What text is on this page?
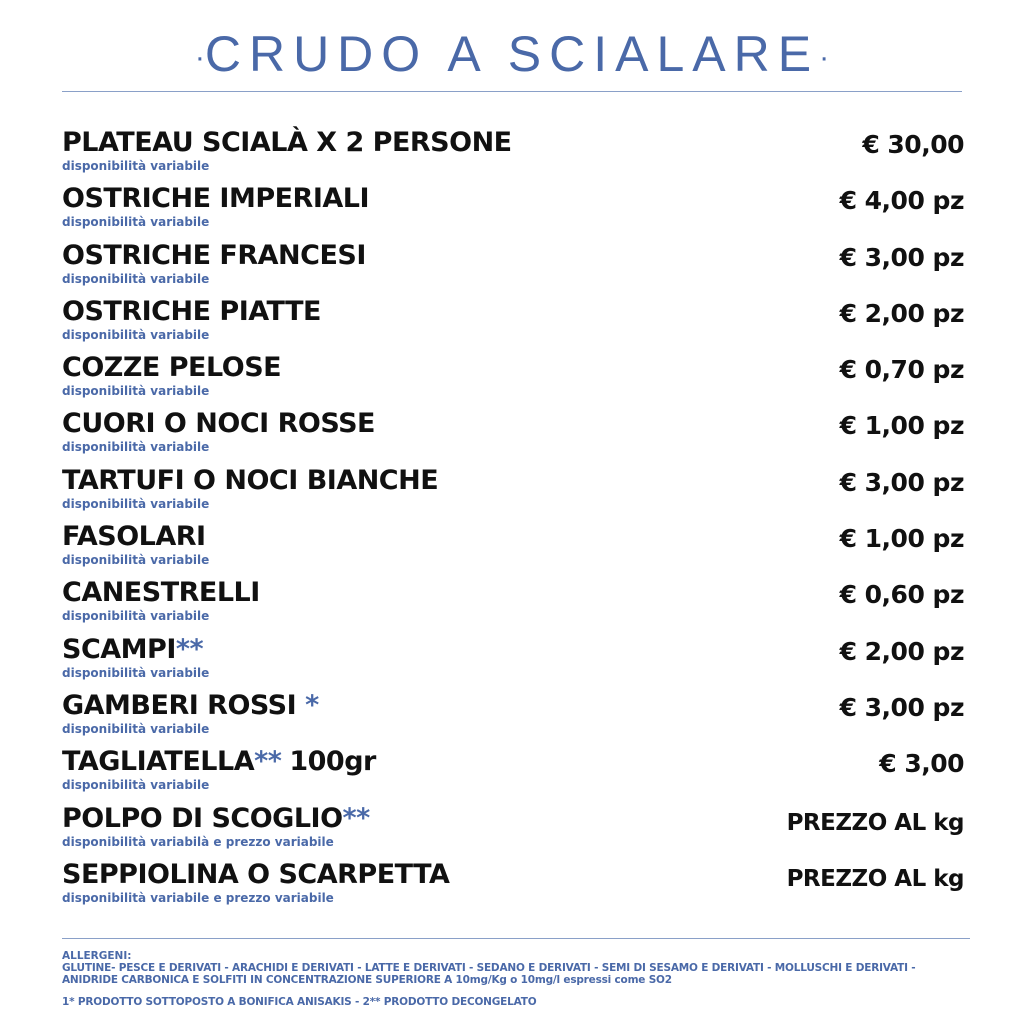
·CRUDO A SCIALARE·
PLATEAU SCIALÀ X 2 PERSONE
disponibilità variabile
€ 30,00
OSTRICHE IMPERIALI
disponibilità variabile
€ 4,00 pz
OSTRICHE FRANCESI
disponibilità variabile
€ 3,00 pz
OSTRICHE PIATTE
disponibilità variabile
€ 2,00 pz
COZZE PELOSE
disponibilità variabile
€ 0,70 pz
CUORI O NOCI ROSSE
disponibilità variabile
€ 1,00 pz
TARTUFI O NOCI BIANCHE
disponibilità variabile
€ 3,00 pz
FASOLARI
disponibilità variabile
€ 1,00 pz
CANESTRELLI
disponibilità variabile
€ 0,60 pz
SCAMPI**
disponibilità variabile
€ 2,00 pz
GAMBERI ROSSI *
disponibilità variabile
€ 3,00 pz
TAGLIATELLA** 100gr
disponibilità variabile
€ 3,00
POLPO DI SCOGLIO**
disponibilità variabilà e prezzo variabile
PREZZO AL kg
SEPPIOLINA O SCARPETTA
disponibilità variabile e prezzo variabile
PREZZO AL kg
ALLERGENI:
GLUTINE- PESCE E DERIVATI - ARACHIDI E DERIVATI - LATTE E DERIVATI - SEDANO E DERIVATI - SEMI DI SESAMO E DERIVATI - MOLLUSCHI E DERIVATI - ANIDRIDE CARBONICA E SOLFITI IN CONCENTRAZIONE SUPERIORE A 10mg/Kg o 10mg/l espressi come SO2
1* PRODOTTO SOTTOPOSTO A BONIFICA ANISAKIS - 2** PRODOTTO DECONGELATO
